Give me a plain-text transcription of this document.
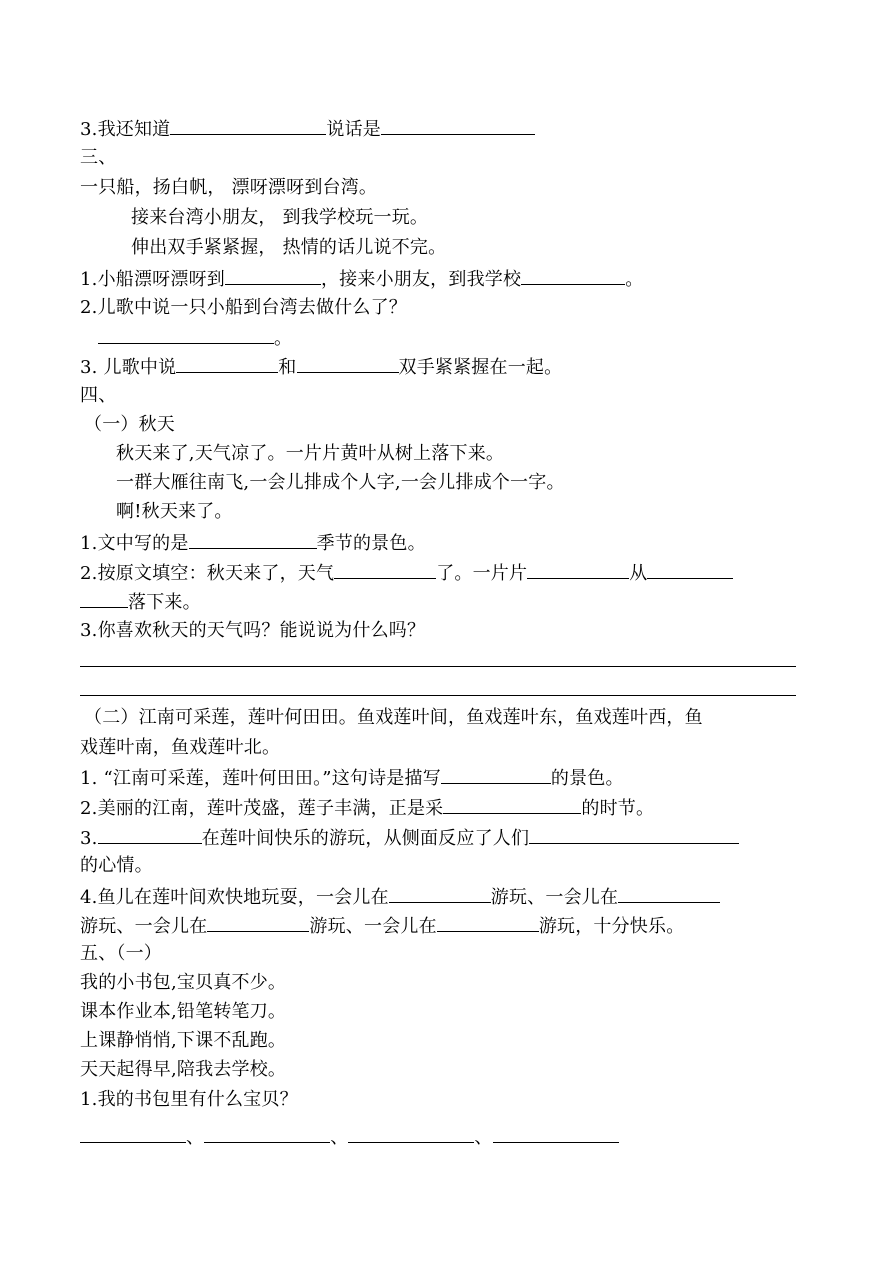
3.我还知道	说话是
三、
一只船，扬白帆， 漂呀漂呀到台湾。
接来台湾小朋友， 到我学校玩一玩。
伸出双手紧紧握， 热情的话儿说不完。
1.小船漂呀漂呀到	，接来小朋友，到我学校	。
2.儿歌中说一只小船到台湾去做什么了？
。
3. 儿歌中说	和	双手紧紧握在一起。
四、
（一）秋天
秋天来了,天气凉了。一片片黄叶从树上落下来。
一群大雁往南飞,一会儿排成个人字,一会儿排成个一字。
啊!秋天来了。
1.文中写的是	季节的景色。
2.按原文填空：秋天来了，天气	了。一片片	从
落下来。
3.你喜欢秋天的天气吗？能说说为什么吗？
（二）江南可采莲，莲叶何田田。鱼戏莲叶间，鱼戏莲叶东，鱼戏莲叶西，鱼
戏莲叶南，鱼戏莲叶北。
1. “江南可采莲，莲叶何田田。”这句诗是描写	的景色。
2.美丽的江南，莲叶茂盛，莲子丰满，正是采	的时节。
3.	在莲叶间快乐的游玩，从侧面反应了人们
的心情。
4.鱼儿在莲叶间欢快地玩耍，一会儿在	游玩、一会儿在
游玩、一会儿在	游玩、一会儿在	游玩，十分快乐。
五、（一）
我的小书包,宝贝真不少。
课本作业本,铅笔转笔刀。
上课静悄悄,下课不乱跑。
天天起得早,陪我去学校。
1.我的书包里有什么宝贝？
、	、	、
